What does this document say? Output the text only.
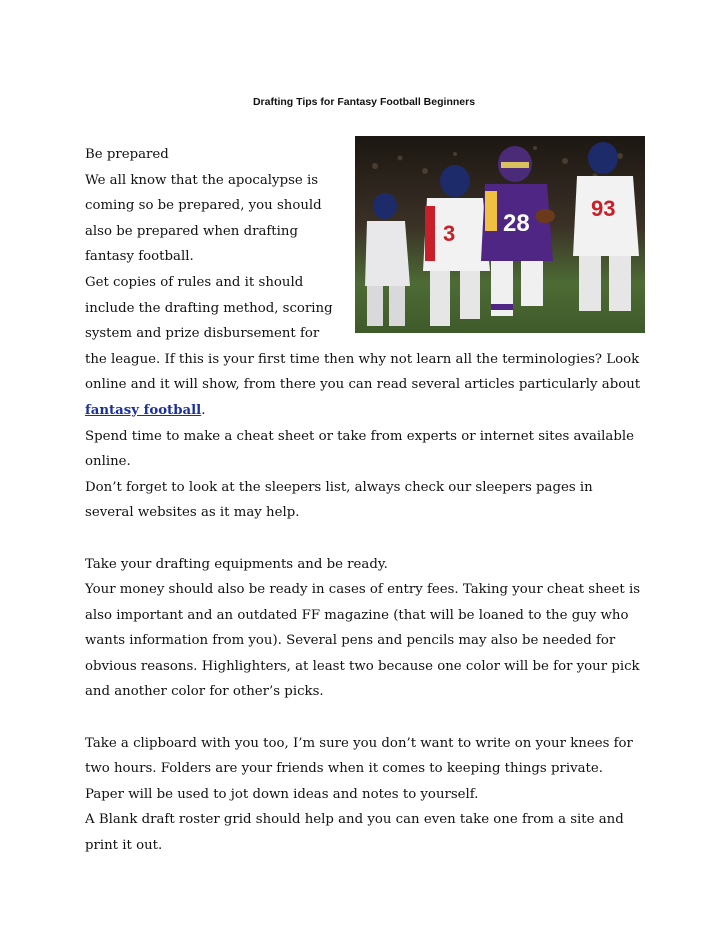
Drafting Tips for Fantasy Football Beginners
3 28
93

Be prepared

We all know that the apocalypse is coming so be prepared, you should also be prepared when drafting fantasy football.

Get copies of rules and it should include the drafting method, scoring system and prize disbursement for the league. If this is your first time then why not learn all the terminologies? Look online and it will show, from there you can read several articles particularly about fantasy football.

Spend time to make a cheat sheet or take from experts or internet sites available online.

Don’t forget to look at the sleepers list, always check our sleepers pages in several websites as it may help.

Take your drafting equipments and be ready.

Your money should also be ready in cases of entry fees. Taking your cheat sheet is also important and an outdated FF magazine (that will be loaned to the guy who wants information from you). Several pens and pencils may also be needed for obvious reasons. Highlighters, at least two because one color will be for your pick and another color for other’s picks.

Take a clipboard with you too, I’m sure you don’t want to write on your knees for two hours. Folders are your friends when it comes to keeping things private.

Paper will be used to jot down ideas and notes to yourself.

A Blank draft roster grid should help and you can even take one from a site and print it out.
